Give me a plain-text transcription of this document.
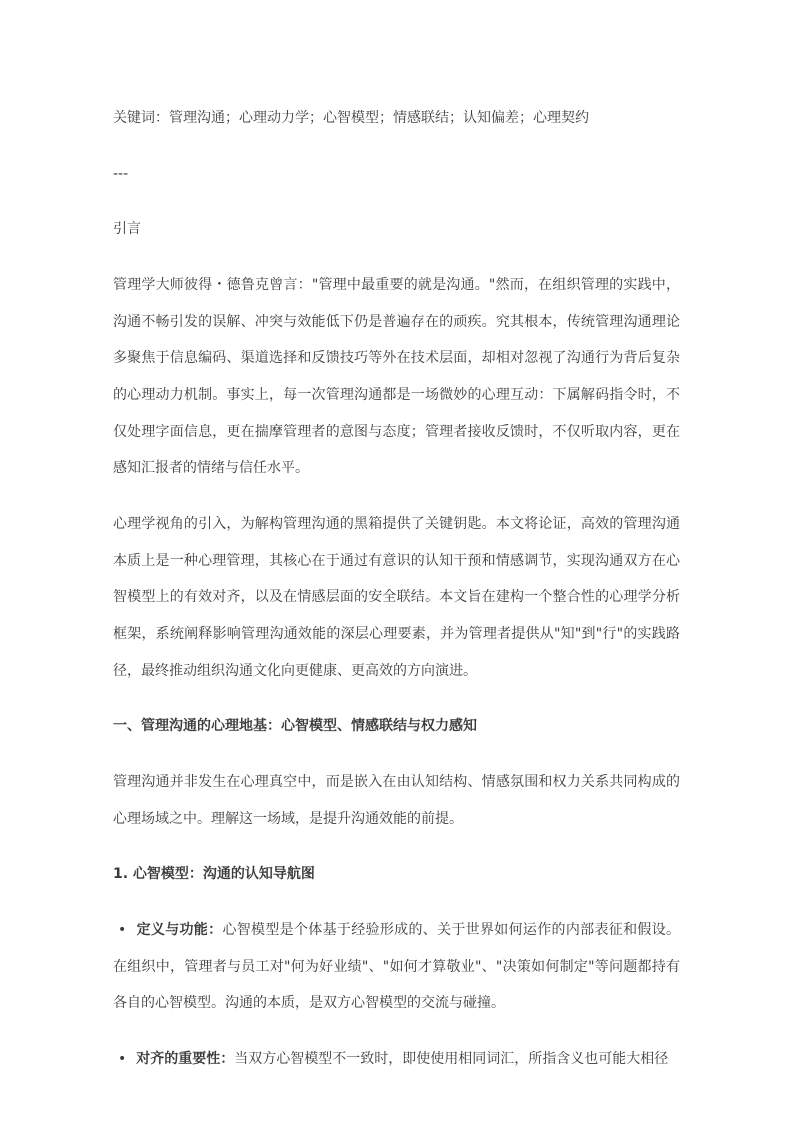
关键词：管理沟通；心理动力学；心智模型；情感联结；认知偏差；心理契约

---

引言

管理学大师彼得・德鲁克曾言："管理中最重要的就是沟通。"然而，在组织管理的实践中，沟通不畅引发的误解、冲突与效能低下仍是普遍存在的顽疾。究其根本，传统管理沟通理论多聚焦于信息编码、渠道选择和反馈技巧等外在技术层面，却相对忽视了沟通行为背后复杂的心理动力机制。事实上，每一次管理沟通都是一场微妙的心理互动：下属解码指令时，不仅处理字面信息，更在揣摩管理者的意图与态度；管理者接收反馈时，不仅听取内容，更在感知汇报者的情绪与信任水平。

心理学视角的引入，为解构管理沟通的黑箱提供了关键钥匙。本文将论证，高效的管理沟通本质上是一种心理管理，其核心在于通过有意识的认知干预和情感调节，实现沟通双方在心智模型上的有效对齐，以及在情感层面的安全联结。本文旨在建构一个整合性的心理学分析框架，系统阐释影响管理沟通效能的深层心理要素，并为管理者提供从"知"到"行"的实践路径，最终推动组织沟通文化向更健康、更高效的方向演进。

一、管理沟通的心理地基：心智模型、情感联结与权力感知

管理沟通并非发生在心理真空中，而是嵌入在由认知结构、情感氛围和权力关系共同构成的心理场域之中。理解这一场域，是提升沟通效能的前提。

1. 心智模型：沟通的认知导航图

• 定义与功能：心智模型是个体基于经验形成的、关于世界如何运作的内部表征和假设。在组织中，管理者与员工对"何为好业绩"、"如何才算敬业"、"决策如何制定"等问题都持有各自的心智模型。沟通的本质，是双方心智模型的交流与碰撞。

• 对齐的重要性：当双方心智模型不一致时，即使使用相同词汇，所指含义也可能大相径
